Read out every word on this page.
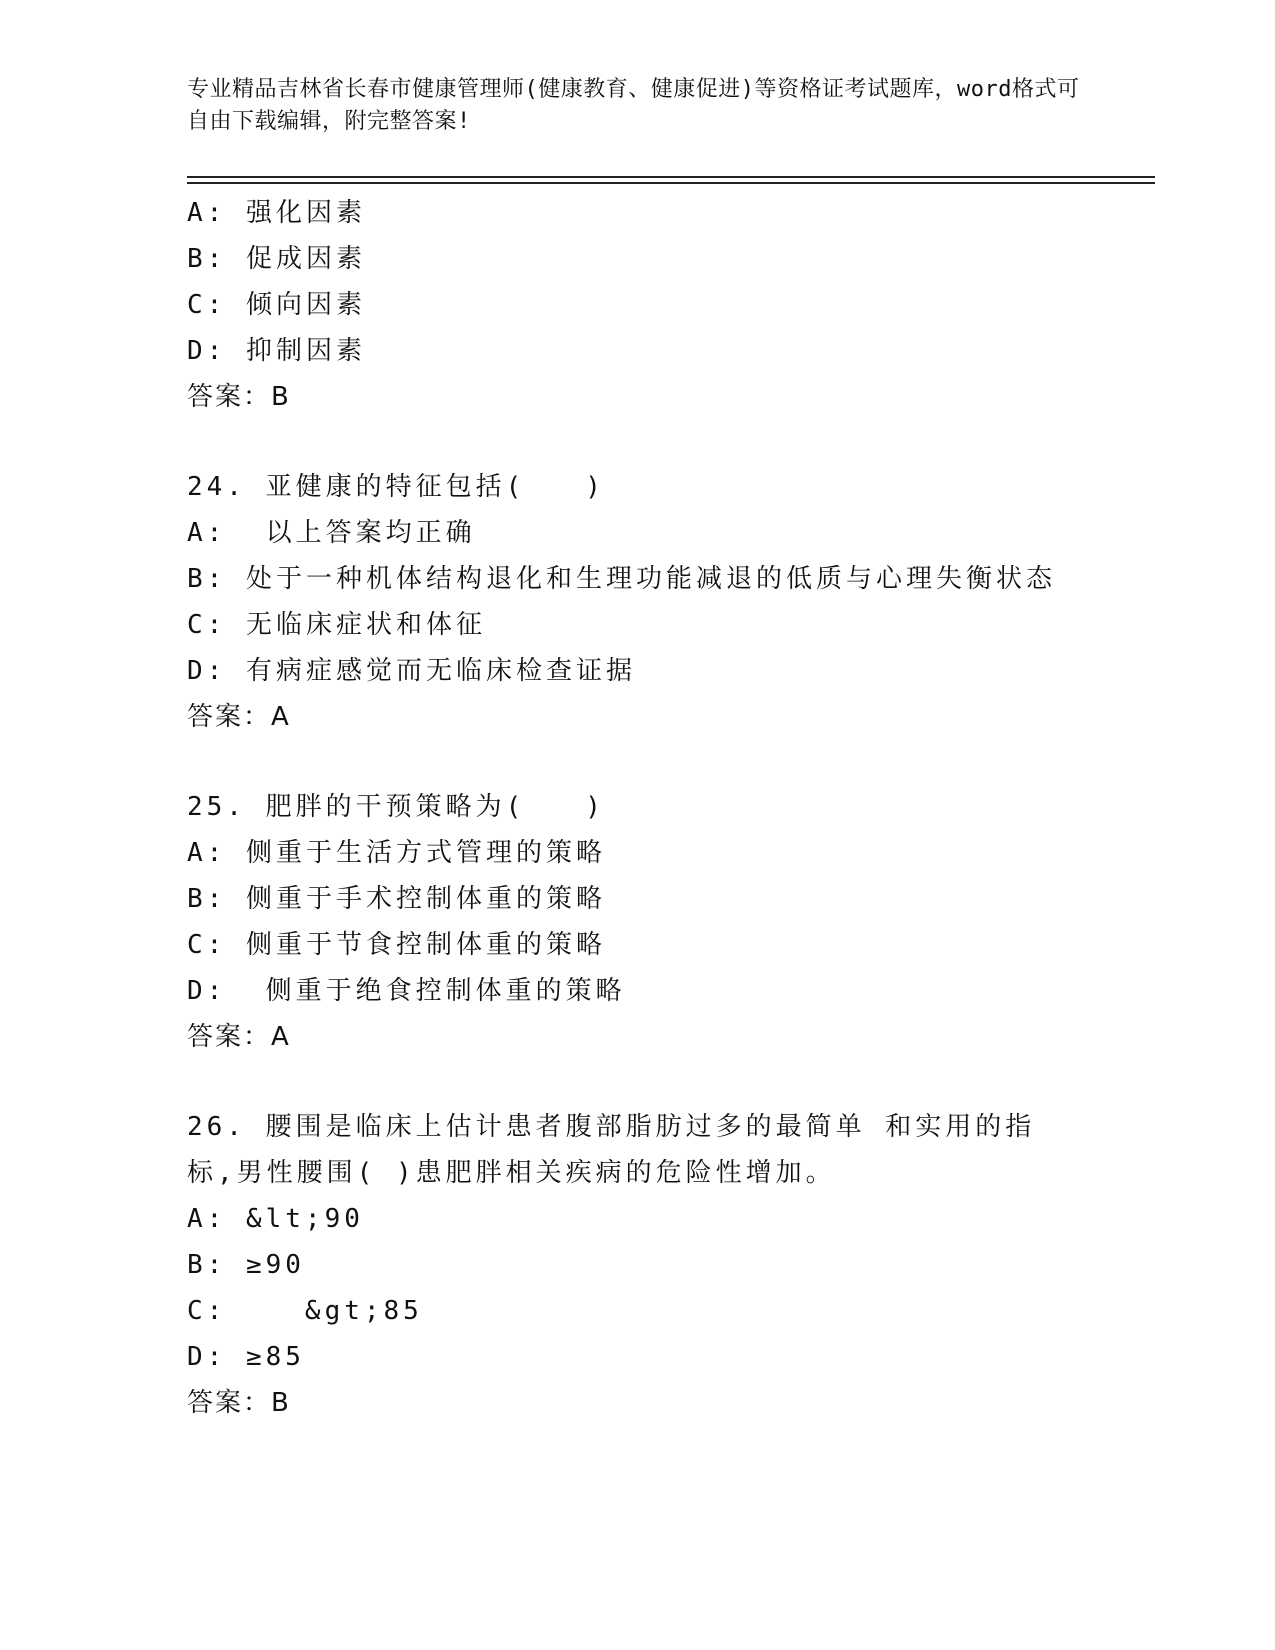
专业精品吉林省长春市健康管理师(健康教育、健康促进)等资格证考试题库，word格式可自由下载编辑，附完整答案!
A: 强化因素
B: 促成因素
C: 倾向因素
D: 抑制因素
答案：B
24. 亚健康的特征包括(　　)
A:  以上答案均正确
B: 处于一种机体结构退化和生理功能减退的低质与心理失衡状态
C: 无临床症状和体征
D: 有病症感觉而无临床检查证据
答案：A
25. 肥胖的干预策略为(　　)
A: 侧重于生活方式管理的策略
B: 侧重于手术控制体重的策略
C: 侧重于节食控制体重的策略
D:  侧重于绝食控制体重的策略
答案：A
26. 腰围是临床上估计患者腹部脂肪过多的最简单 和实用的指标,男性腰围( )患肥胖相关疾病的危险性增加。
A: &lt;90
B: ≥90
C:    &gt;85
D: ≥85
答案：B
